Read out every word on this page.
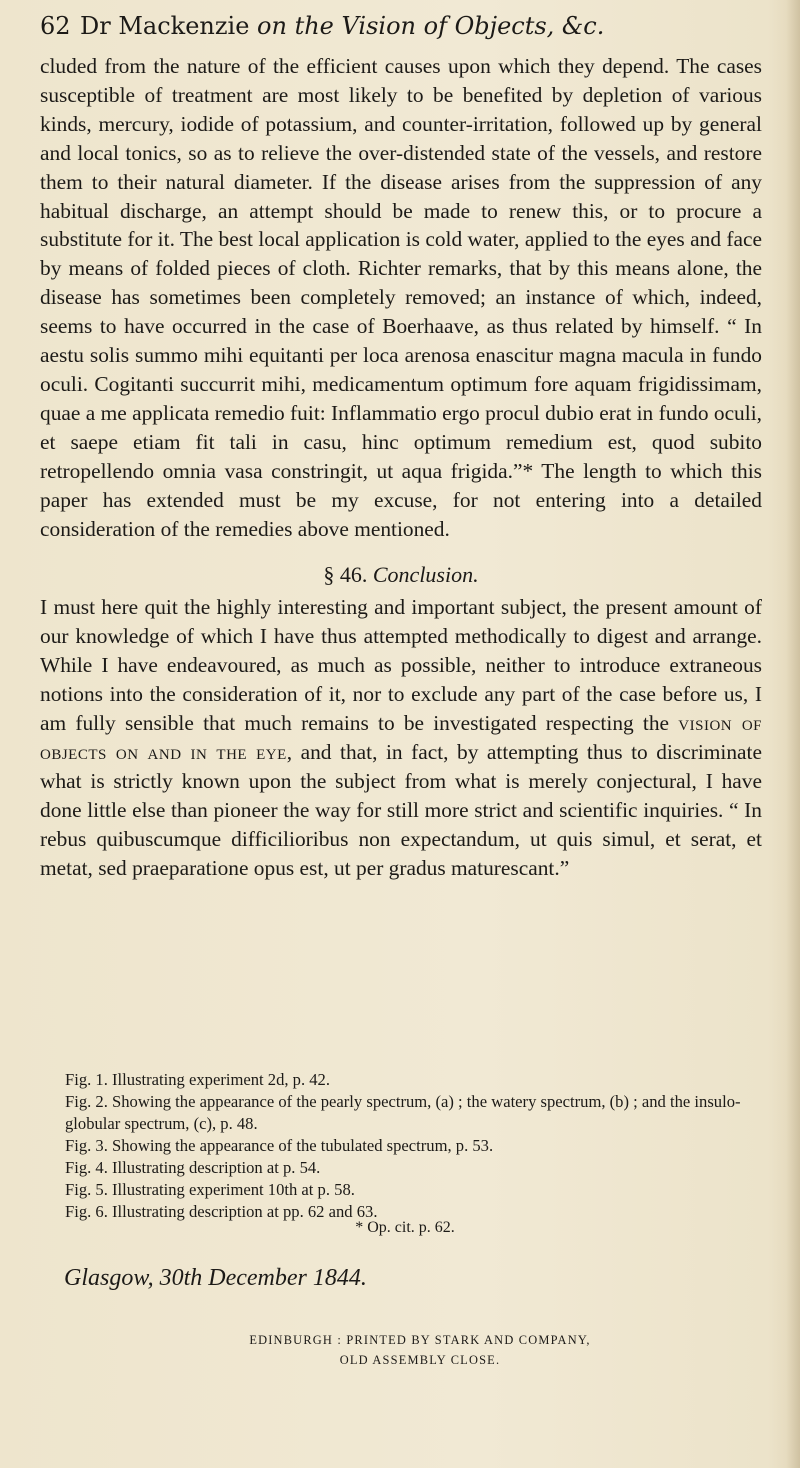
62 Dr Mackenzie on the Vision of Objects, &c.

cluded from the nature of the efficient causes upon which they depend. The cases susceptible of treatment are most likely to be benefited by depletion of various kinds, mercury, iodide of potassium, and counter-irritation, followed up by general and local tonics, so as to relieve the over-distended state of the vessels, and restore them to their natural diameter. If the disease arises from the suppression of any habitual discharge, an attempt should be made to renew this, or to procure a substitute for it. The best local application is cold water, applied to the eyes and face by means of folded pieces of cloth. Richter remarks, that by this means alone, the disease has sometimes been completely removed; an instance of which, indeed, seems to have occurred in the case of Boerhaave, as thus related by himself. “ In aestu solis summo mihi equitanti per loca arenosa enascitur magna macula in fundo oculi. Cogitanti succurrit mihi, medicamentum optimum fore aquam frigidissimam, quae a me applicata remedio fuit: Inflammatio ergo procul dubio erat in fundo oculi, et saepe etiam fit tali in casu, hinc optimum remedium est, quod subito retropellendo omnia vasa constringit, ut aqua frigida.”* The length to which this paper has extended must be my excuse, for not entering into a detailed consideration of the remedies above mentioned.

§ 46. Conclusion.

I must here quit the highly interesting and important subject, the present amount of our knowledge of which I have thus attempted methodically to digest and arrange. While I have endeavoured, as much as possible, neither to introduce extraneous notions into the consideration of it, nor to exclude any part of the case before us, I am fully sensible that much remains to be investigated respecting the vision of objects on and in the eye, and that, in fact, by attempting thus to discriminate what is strictly known upon the subject from what is merely conjectural, I have done little else than pioneer the way for still more strict and scientific inquiries. “ In rebus quibuscumque difficilioribus non expectandum, ut quis simul, et serat, et metat, sed praeparatione opus est, ut per gradus maturescant.”

Fig. 1. Illustrating experiment 2d, p. 42.
Fig. 2. Showing the appearance of the pearly spectrum, (a) ; the watery spectrum, (b) ; and the insulo-globular spectrum, (c), p. 48.
Fig. 3. Showing the appearance of the tubulated spectrum, p. 53.
Fig. 4. Illustrating description at p. 54.
Fig. 5. Illustrating experiment 10th at p. 58.
Fig. 6. Illustrating description at pp. 62 and 63.
* Op. cit. p. 62.
Glasgow, 30th December 1844.
EDINBURGH : PRINTED BY STARK AND COMPANY,
OLD ASSEMBLY CLOSE.
